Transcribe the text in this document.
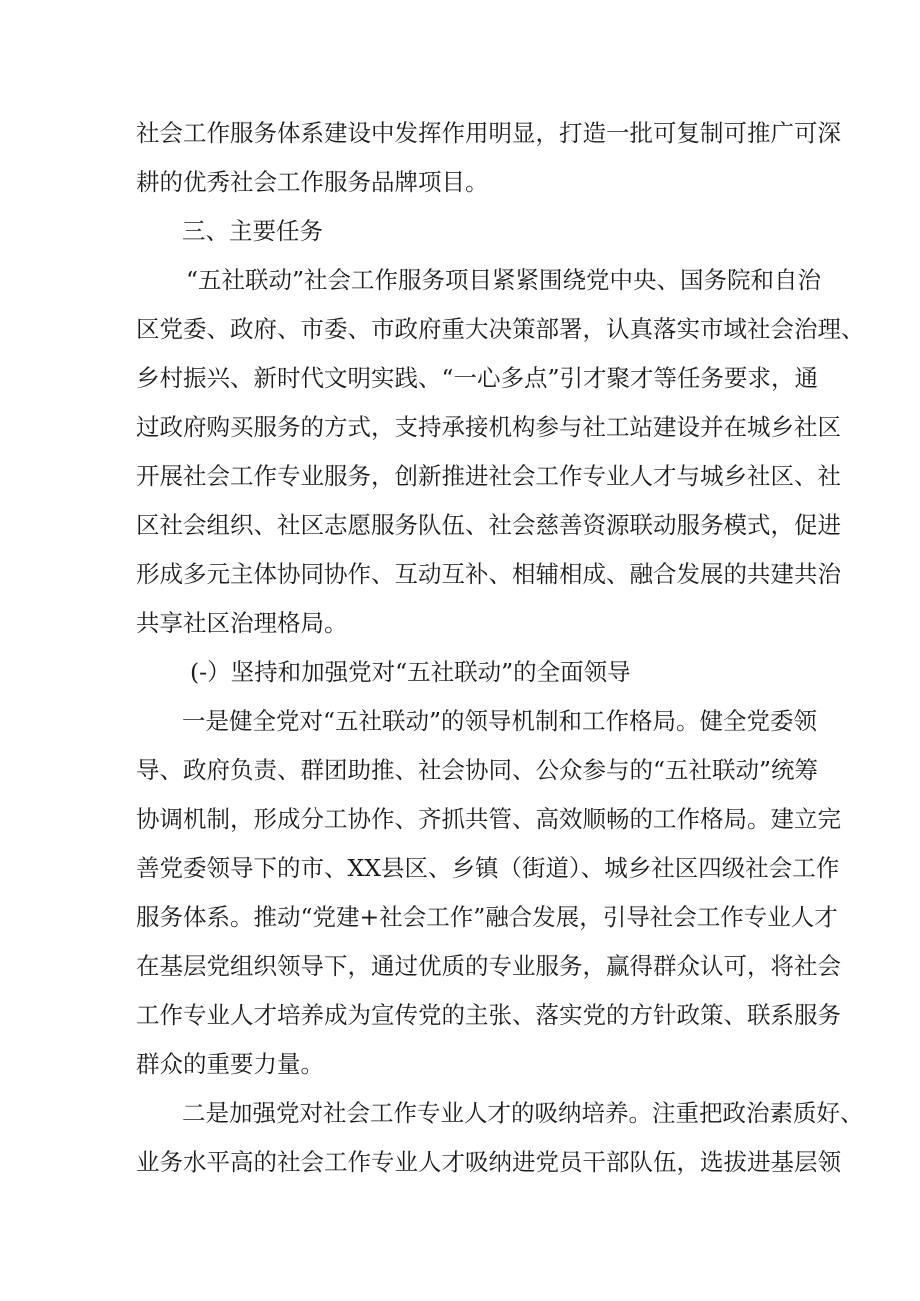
社会工作服务体系建设中发挥作用明显，打造一批可复制可推广可深
耕的优秀社会工作服务品牌项目。
三、主要任务
“五社联动”社会工作服务项目紧紧围绕党中央、国务院和自治
区党委、政府、市委、市政府重大决策部署，认真落实市域社会治理、
乡村振兴、新时代文明实践、“一心多点”引才聚才等任务要求，通
过政府购买服务的方式，支持承接机构参与社工站建设并在城乡社区
开展社会工作专业服务，创新推进社会工作专业人才与城乡社区、社
区社会组织、社区志愿服务队伍、社会慈善资源联动服务模式，促进
形成多元主体协同协作、互动互补、相辅相成、融合发展的共建共治
共享社区治理格局。
(-）坚持和加强党对“五社联动”的全面领导
一是健全党对“五社联动”的领导机制和工作格局。健全党委领
导、政府负责、群团助推、社会协同、公众参与的“五社联动”统筹
协调机制，形成分工协作、齐抓共管、高效顺畅的工作格局。建立完
善党委领导下的市、XX县区、乡镇（街道）、城乡社区四级社会工作
服务体系。推动“党建+社会工作”融合发展，引导社会工作专业人才
在基层党组织领导下，通过优质的专业服务，赢得群众认可，将社会
工作专业人才培养成为宣传党的主张、落实党的方针政策、联系服务
群众的重要力量。
二是加强党对社会工作专业人才的吸纳培养。注重把政治素质好、
业务水平高的社会工作专业人才吸纳进党员干部队伍，选拔进基层领
